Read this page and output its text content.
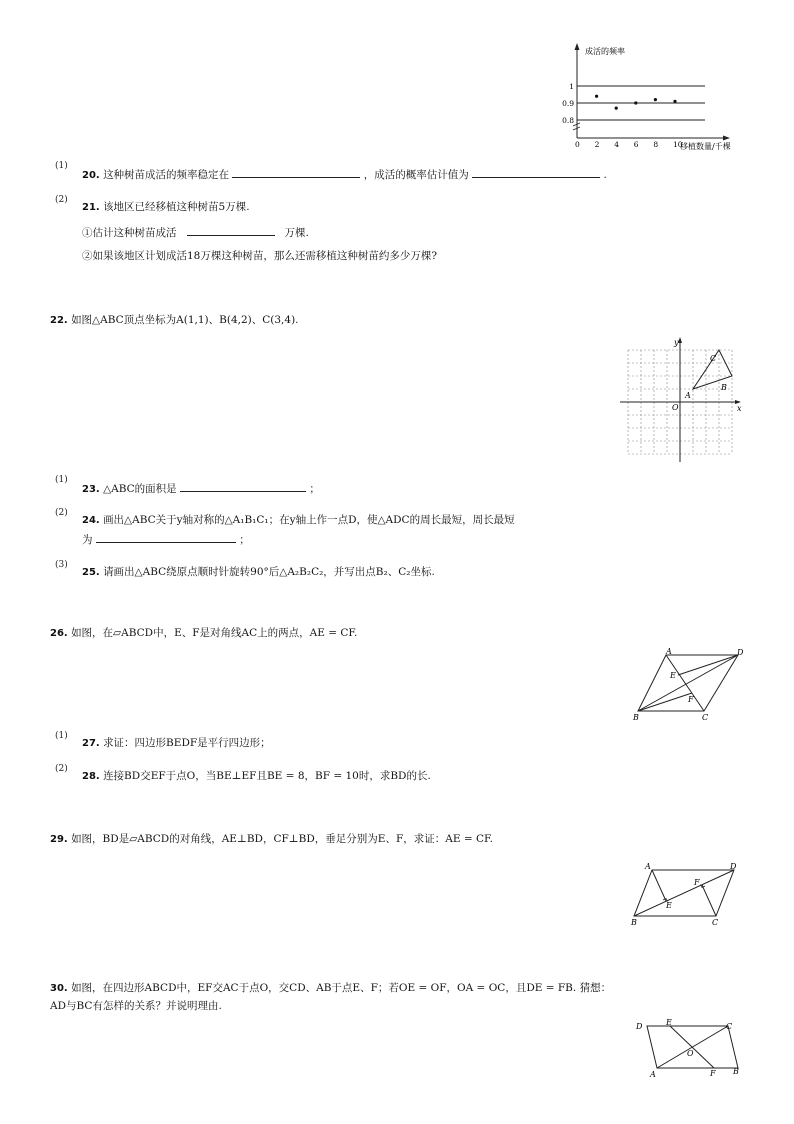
成活的频率
移植数量/千棵
1
0.9
0.8
0 2 4 6 8 10
(1)
20. 这种树苗成活的频率稳定在	，成活的概率估计值为	.
(2)
21. 该地区已经移植这种树苗5万棵.
①估计这种树苗成活	万棵.
②如果该地区计划成活18万棵这种树苗，那么还需移植这种树苗约多少万棵?
22. 如图△ABC顶点坐标为A(1,1)、B(4,2)、C(3,4).
y
x
O
A
B
C
(1)
23. △ABC的面积是	；
(2)
24. 画出△ABC关于y轴对称的△A₁B₁C₁；在y轴上作一点D，使△ADC的周长最短，周长最短
为	；
(3)
25. 请画出△ABC绕原点顺时针旋转90°后△A₂B₂C₂，并写出点B₂、C₂坐标.
26. 如图，在▱ABCD中，E、F是对角线AC上的两点，AE = CF.
A
B	C
D
E
F
(1)
27. 求证：四边形BEDF是平行四边形；
(2)
28. 连接BD交EF于点O，当BE⊥EF且BE = 8，BF = 10时，求BD的长.
29. 如图，BD是▱ABCD的对角线，AE⊥BD，CF⊥BD，垂足分别为E、F，求证：AE = CF.
A
B	C
D
E
F
30. 如图，在四边形ABCD中，EF交AC于点O，交CD、AB于点E、F；若OE = OF，OA = OC，且DE = FB. 猜想：
AD与BC有怎样的关系？并说明理由.
D	E	C
A	F B
O
